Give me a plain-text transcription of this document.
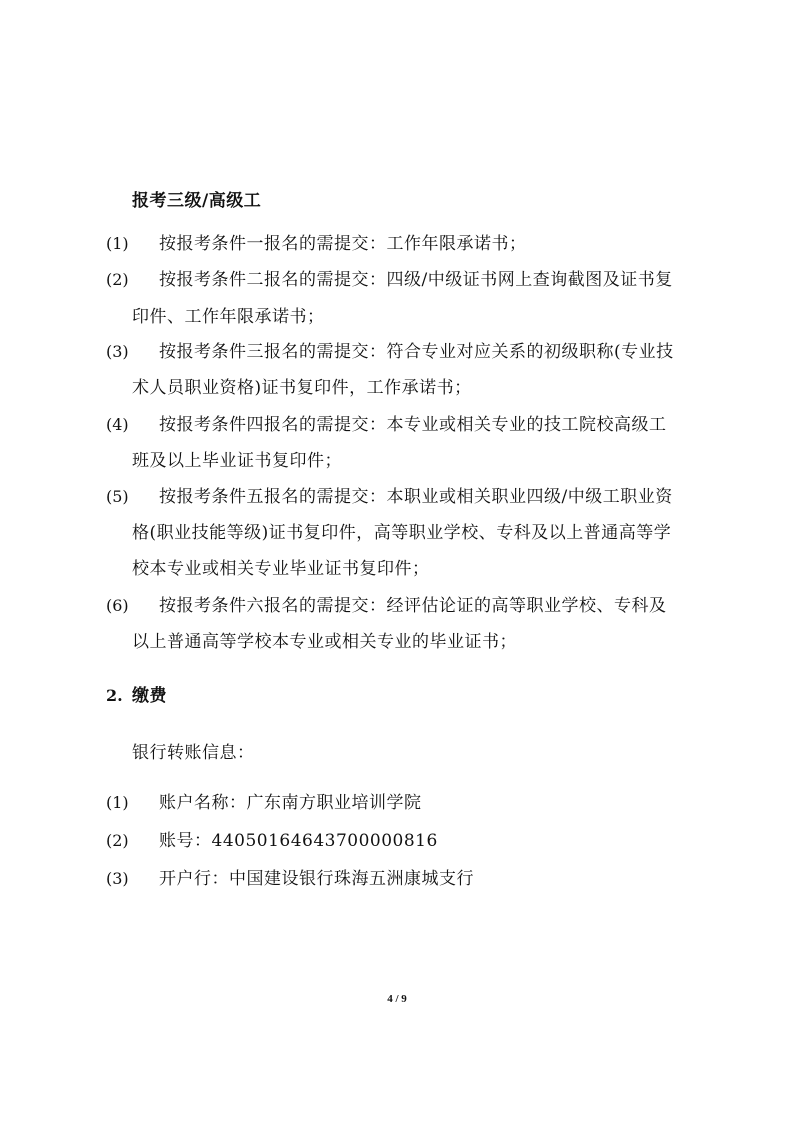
报考三级/高级工
(1) 按报考条件一报名的需提交：工作年限承诺书；
(2) 按报考条件二报名的需提交：四级/中级证书网上查询截图及证书复
印件、工作年限承诺书；
(3) 按报考条件三报名的需提交：符合专业对应关系的初级职称(专业技
术人员职业资格)证书复印件，工作承诺书；
(4) 按报考条件四报名的需提交：本专业或相关专业的技工院校高级工
班及以上毕业证书复印件；
(5) 按报考条件五报名的需提交：本职业或相关职业四级/中级工职业资
格(职业技能等级)证书复印件，高等职业学校、专科及以上普通高等学
校本专业或相关专业毕业证书复印件；
(6) 按报考条件六报名的需提交：经评估论证的高等职业学校、专科及
以上普通高等学校本专业或相关专业的毕业证书；
2. 缴费
银行转账信息：
(1) 账户名称：广东南方职业培训学院
(2) 账号：44050164643700000816
(3) 开户行：中国建设银行珠海五洲康城支行
4 / 9
